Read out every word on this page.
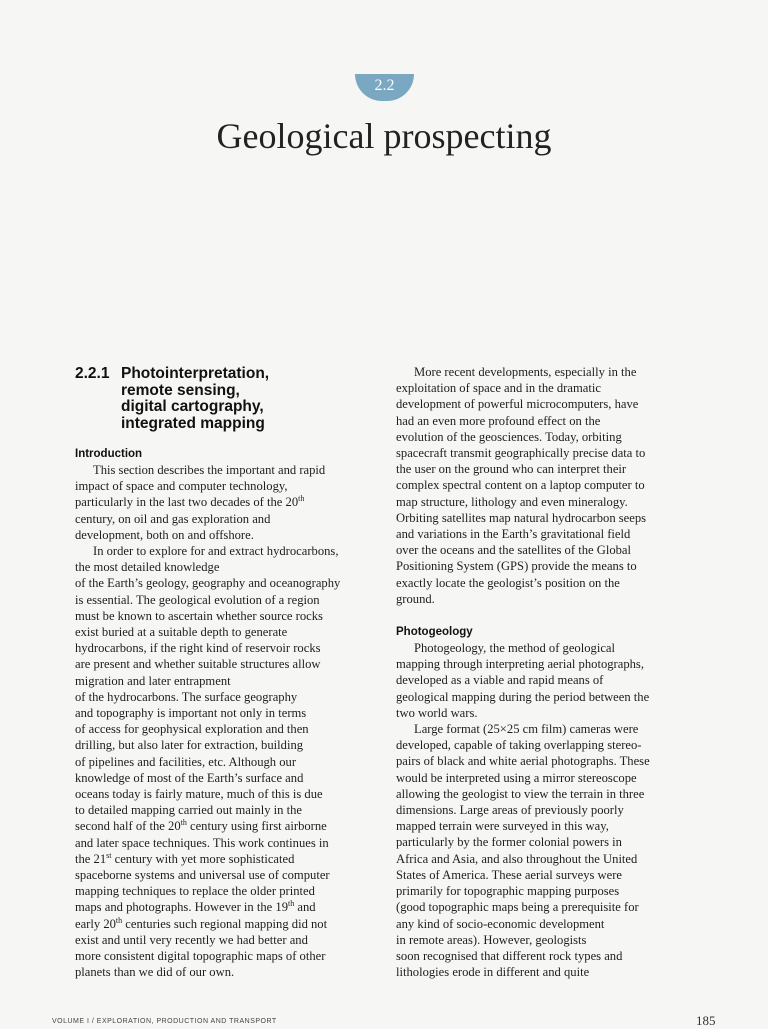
2.2
Geological prospecting
2.2.1 Photointerpretation,
remote sensing,
digital cartography,
integrated mapping
Introduction

This section describes the important and rapid
impact of space and computer technology,
particularly in the last two decades of the 20th
century, on oil and gas exploration and
development, both on and offshore.

In order to explore for and extract hydrocarbons,
the most detailed knowledge
of the Earth’s geology, geography and oceanography
is essential. The geological evolution of a region
must be known to ascertain whether source rocks
exist buried at a suitable depth to generate
hydrocarbons, if the right kind of reservoir rocks
are present and whether suitable structures allow
migration and later entrapment
of the hydrocarbons. The surface geography
and topography is important not only in terms
of access for geophysical exploration and then
drilling, but also later for extraction, building
of pipelines and facilities, etc. Although our
knowledge of most of the Earth’s surface and
oceans today is fairly mature, much of this is due
to detailed mapping carried out mainly in the
second half of the 20th century using first airborne
and later space techniques. This work continues in
the 21st century with yet more sophisticated
spaceborne systems and universal use of computer
mapping techniques to replace the older printed
maps and photographs. However in the 19th and
early 20th centuries such regional mapping did not
exist and until very recently we had better and
more consistent digital topographic maps of other
planets than we did of our own.

More recent developments, especially in the
exploitation of space and in the dramatic
development of powerful microcomputers, have
had an even more profound effect on the
evolution of the geosciences. Today, orbiting
spacecraft transmit geographically precise data to
the user on the ground who can interpret their
complex spectral content on a laptop computer to
map structure, lithology and even mineralogy.
Orbiting satellites map natural hydrocarbon seeps
and variations in the Earth’s gravitational field
over the oceans and the satellites of the Global
Positioning System (GPS) provide the means to
exactly locate the geologist’s position on the
ground.

Photogeology

Photogeology, the method of geological
mapping through interpreting aerial photographs,
developed as a viable and rapid means of
geological mapping during the period between the
two world wars.

Large format (25×25 cm film) cameras were
developed, capable of taking overlapping stereo-
pairs of black and white aerial photographs. These
would be interpreted using a mirror stereoscope
allowing the geologist to view the terrain in three
dimensions. Large areas of previously poorly
mapped terrain were surveyed in this way,
particularly by the former colonial powers in
Africa and Asia, and also throughout the United
States of America. These aerial surveys were
primarily for topographic mapping purposes
(good topographic maps being a prerequisite for
any kind of socio-economic development
in remote areas). However, geologists
soon recognised that different rock types and
lithologies erode in different and quite

VOLUME I / EXPLORATION, PRODUCTION AND TRANSPORT	185
